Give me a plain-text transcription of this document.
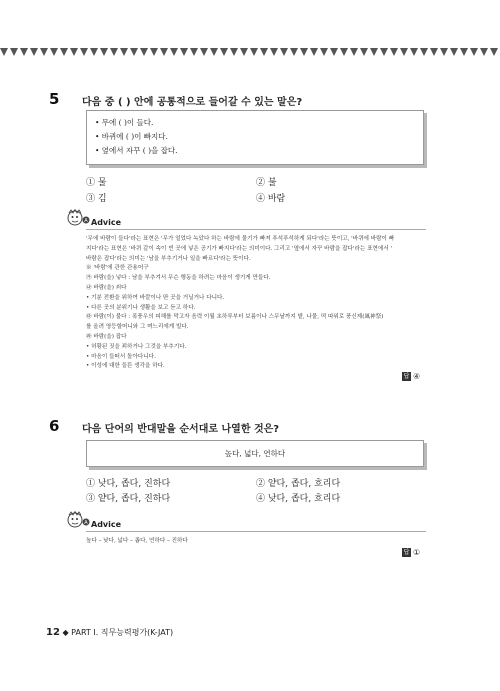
5 다음 중 ( ) 안에 공통적으로 들어갈 수 있는 말은?
• 무에 ( )이 들다.
• 바퀴에 ( )이 빠지다.
• 옆에서 자꾸 ( )을 잡다.
① 물	② 불
③ 김	④ 바람
A Advice
'무에 바람이 들다'라는 표현은 '무가 얼었다 녹았다 하는 바람에 물기가 빠져 푸석푸석하게 되다'라는 뜻이고, '바퀴에 바람이 빠
지다'라는 표현은 '바퀴 같이 속이 빈 곳에 넣은 공기가 빠지다'라는 의미이다. 그리고 '옆에서 자꾸 바람을 잡다'라는 표현에서 '
바람은 잡다'라는 의미는 '남을 부추기거나 일을 빠르다'라는 뜻이다.
※ '바람'에 관한 관용어구
㉮ 바람(을) 넣다 : 남을 부추겨서 무슨 행동을 하려는 마음이 생기게 만들다.
㉯ 바람(을) 쐬다
• 기분 전환을 위하여 바깥이나 딴 곳을 거닐거나 다니다.
• 다른 곳의 분위기나 생활을 보고 듣고 하다.
㉰ 바람(이) 불다 : 폭풍우의 피해를 막고자 음력 이월 초하루부터 보름이나 스무날까지 밭, 나물, 떡 따위로 풍신제(風神祭)
를 올려 영등할머니와 그 며느리에게 빌다.
㉱ 바람(을) 잡다
• 허황된 짓을 꾀하거나 그것을 부추기다.
• 마음이 들떠서 돌아다니다.
• 이성에 대한 들뜬 생각을 하다.
답 ④
6 다음 단어의 반대말을 순서대로 나열한 것은?
높다, 넓다, 연하다
① 낮다, 좁다, 진하다	② 얕다, 좁다, 흐리다
③ 얕다, 좁다, 진하다	④ 낮다, 좁다, 흐리다
A Advice
높다 – 낮다, 넓다 – 좁다, 연하다 – 진하다
답 ①
12 ◆ PART Ⅰ. 직무능력평가(K-JAT)
